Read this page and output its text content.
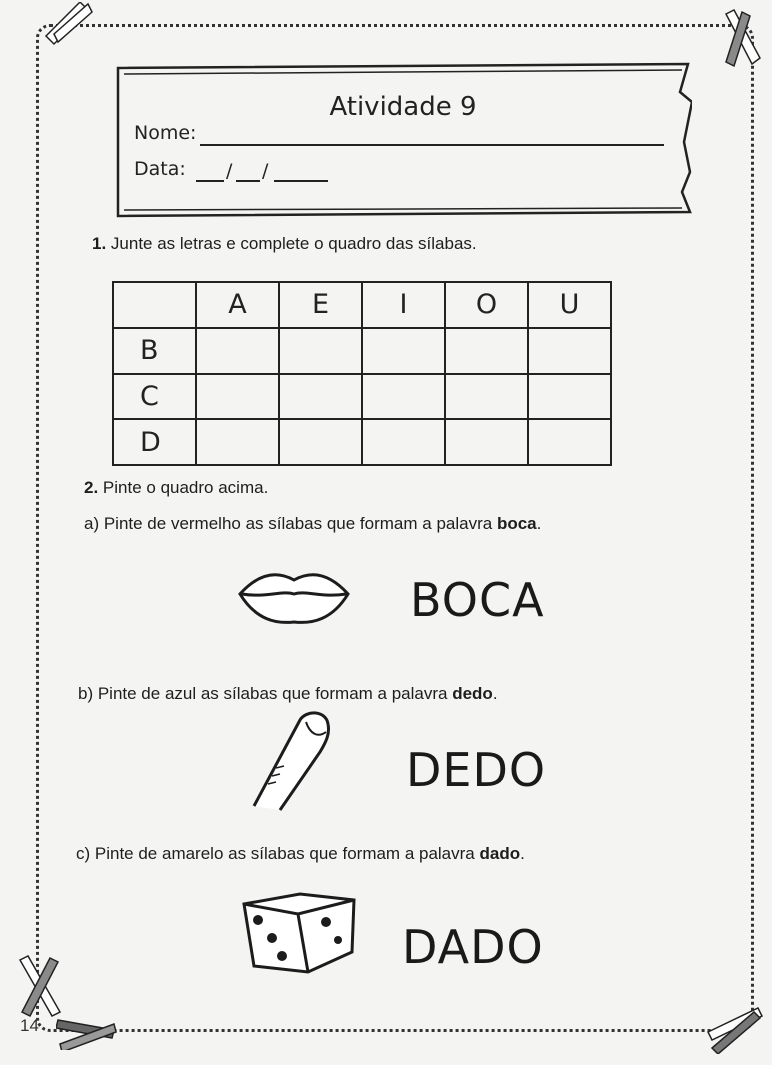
Atividade 9
Nome:
Data: / /
1. Junte as letras e complete o quadro das sílabas.
	A	E	I	O	U
B					
C					
D					
2. Pinte o quadro acima.
a) Pinte de vermelho as sílabas que formam a palavra boca.
BOCA
b) Pinte de azul as sílabas que formam a palavra dedo.
DEDO
c) Pinte de amarelo as sílabas que formam a palavra dado.
DADO
14
